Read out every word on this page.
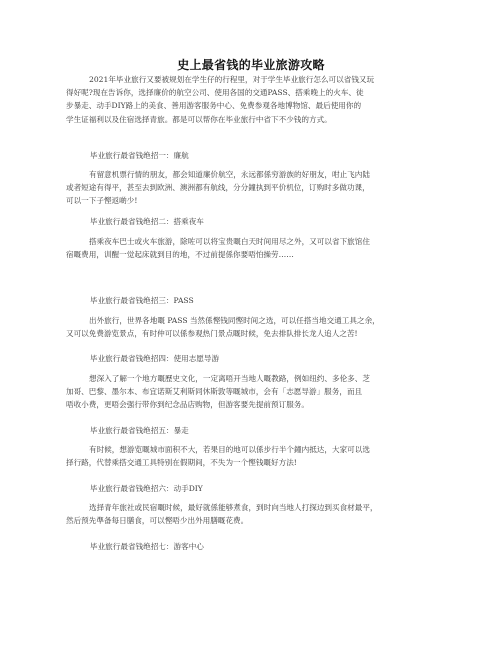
史上最省钱的毕业旅游攻略
2021年毕业旅行又要被规划在学生仔的行程里，对于学生毕业旅行怎么可以省钱又玩
得好呢?现在告诉你，选择廉价的航空公司、使用各国的交通PASS、搭乘晚上的火车、徒
步暴走、动手DIY路上的美食、善用游客服务中心、免费参观各地博物馆、最后使用你的
学生证福利以及住宿选择青旅。都是可以帮你在毕业旅行中省下不少钱的方式。
毕业旅行最省钱绝招一：廉航
有留意机票行情的朋友，都会知道廉价航空，永远都係穷游族的好朋友，咁止飞内陆
或者短途有得平，甚至去到欧洲、澳洲都有航线，分分鐘执到平价机位，订购时多做功课，
可以一下子慳返啲少!
毕业旅行最省钱绝招二：搭乘夜车
搭乘夜车巴士或火车旅游，除咗可以将宝贵嘅白天时间用尽之外，又可以省下旅馆住
宿嘅费用，训醒一觉起床就到目的地，不过前提係你要唔怕操劳……
毕业旅行最省钱绝招三：PASS
出外旅行，世界各地嘅 PASS 当然係慳钱同慳时间之选，可以任搭当地交通工具之余，
又可以免费游览景点，有时仲可以係参观热门景点嘅时候，免去排队排长龙人追人之苦!
毕业旅行最省钱绝招四：使用志愿导游
想深入了解一个地方嘅歷史文化，一定离唔开当地人嘅教路，例如纽约、多伦多、芝
加哥、巴黎、墨尔本、布宜诺斯艾利斯同休斯敦等嘅城市，会有「志愿导游」服务，而且
唔收小费，更唔会强行带你到纪念品店购物，但游客要先提前预订服务。
毕业旅行最省钱绝招五：暴走
有时候，想游览嘅城市面积不大，若果目的地可以係步行半个鐘内抵达，大家可以选
择行路，代替乘搭交通工具特别在假期间，不失为一个慳钱嘅好方法!
毕业旅行最省钱绝招六：动手DIY
选择青年旅社或民宿嘅时候，最好就係能够煮食，到时向当地人打探边到买食材最平，
然后预先準备每日膳食，可以慳唔少出外用膳嘅花费。
毕业旅行最省钱绝招七：游客中心
